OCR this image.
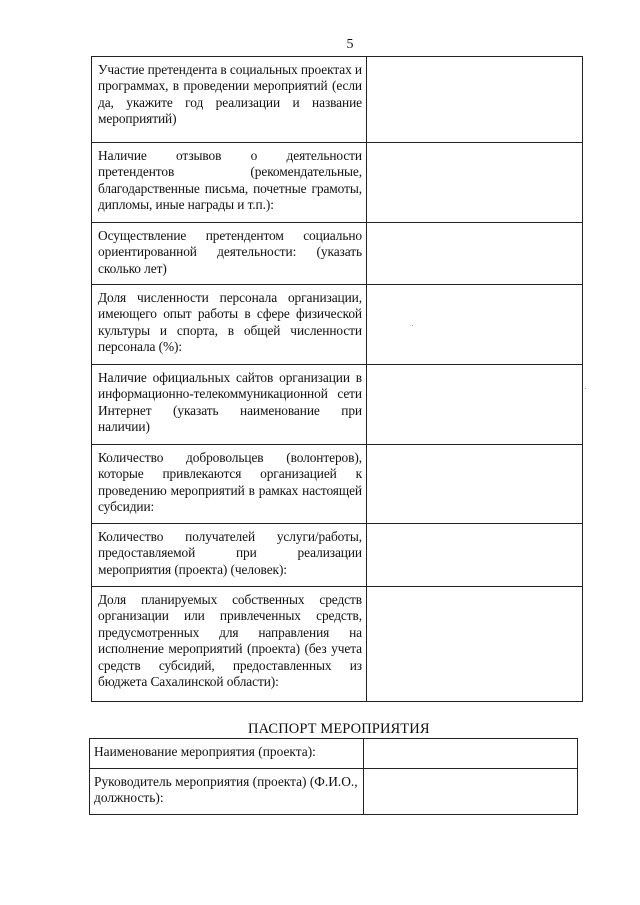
5
Участие претендента в социальных проектах и программах, в проведении мероприятий (если да, укажите год реализации и название мероприятий)	
Наличие отзывов о деятельности претендентов (рекомендательные, благодарственные письма, почетные грамоты, дипломы, иные награды и т.п.):	
Осуществление претендентом социально ориентированной деятельности: (указать сколько лет)	
Доля численности персонала организации, имеющего опыт работы в сфере физической культуры и спорта, в общей численности персонала (%):	
Наличие официальных сайтов организации в информационно-телекоммуникационной сети Интернет (указать наименование при наличии)	
Количество добровольцев (волонтеров), которые привлекаются организацией к проведению мероприятий в рамках настоящей субсидии:	
Количество получателей услуги/работы, предоставляемой при реализации мероприятия (проекта) (человек):	
Доля планируемых собственных средств организации или привлеченных средств, предусмотренных для направления на исполнение мероприятий (проекта) (без учета средств субсидий, предоставленных из бюджета Сахалинской области):	
ПАСПОРТ МЕРОПРИЯТИЯ
Наименование мероприятия (проекта):	
Руководитель мероприятия (проекта) (Ф.И.О., должность):	
